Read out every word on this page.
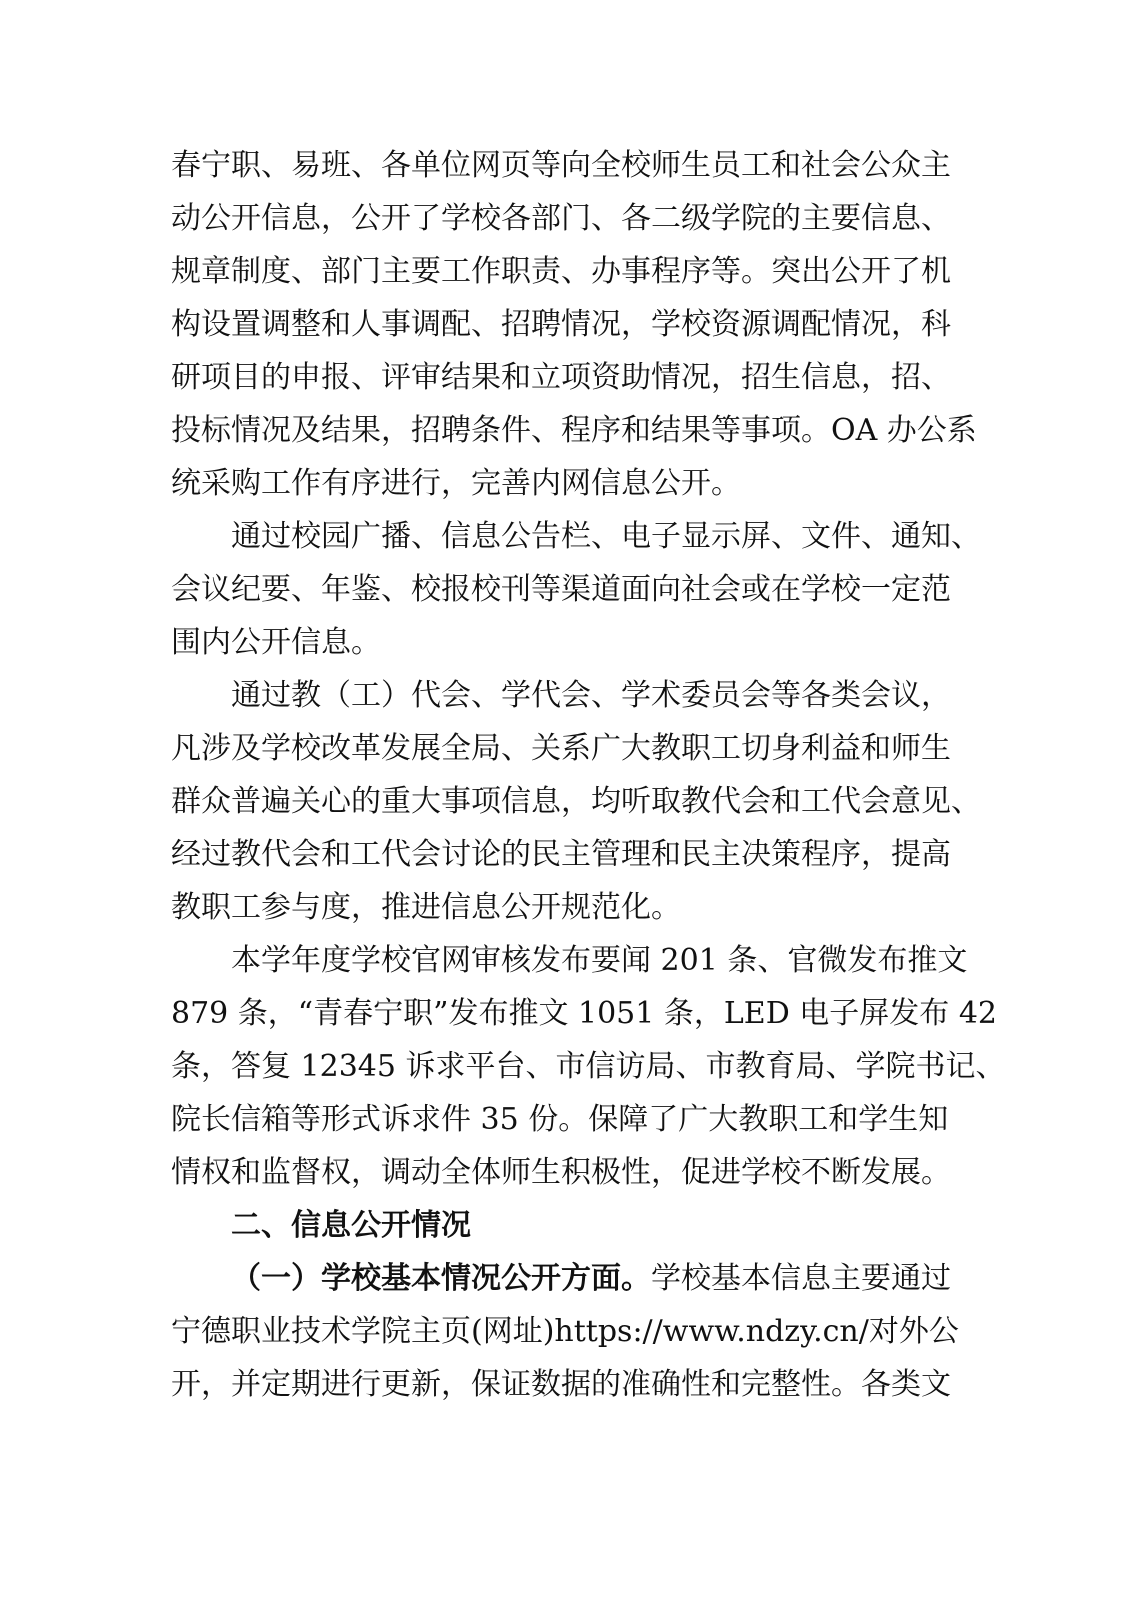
春宁职、易班、各单位网页等向全校师生员工和社会公众主
动公开信息，公开了学校各部门、各二级学院的主要信息、
规章制度、部门主要工作职责、办事程序等。突出公开了机
构设置调整和人事调配、招聘情况，学校资源调配情况，科
研项目的申报、评审结果和立项资助情况，招生信息，招、
投标情况及结果，招聘条件、程序和结果等事项。OA 办公系
统采购工作有序进行，完善内网信息公开。
通过校园广播、信息公告栏、电子显示屏、文件、通知、
会议纪要、年鉴、校报校刊等渠道面向社会或在学校一定范
围内公开信息。
通过教（工）代会、学代会、学术委员会等各类会议，
凡涉及学校改革发展全局、关系广大教职工切身利益和师生
群众普遍关心的重大事项信息，均听取教代会和工代会意见、
经过教代会和工代会讨论的民主管理和民主决策程序，提高
教职工参与度，推进信息公开规范化。
本学年度学校官网审核发布要闻 201 条、官微发布推文
879 条，“青春宁职”发布推文 1051 条，LED 电子屏发布 42
条，答复 12345 诉求平台、市信访局、市教育局、学院书记、
院长信箱等形式诉求件 35 份。保障了广大教职工和学生知
情权和监督权，调动全体师生积极性，促进学校不断发展。
二、信息公开情况
（一）学校基本情况公开方面。学校基本信息主要通过
宁德职业技术学院主页(网址)https://www.ndzy.cn/对外公
开，并定期进行更新，保证数据的准确性和完整性。各类文
